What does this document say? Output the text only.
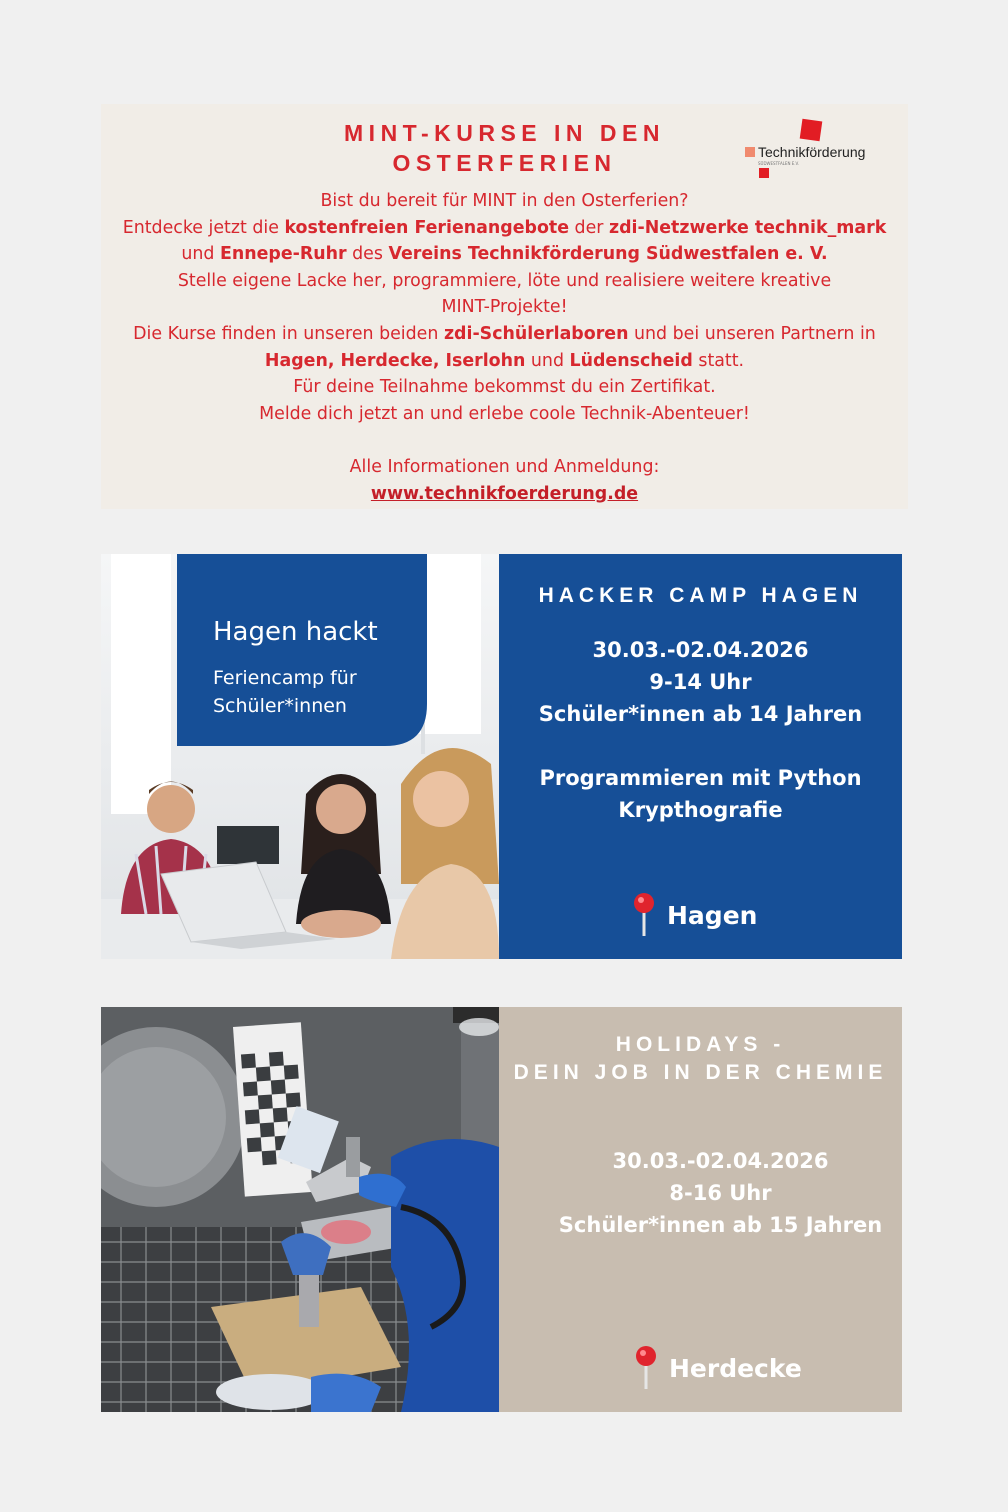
MINT-KURSE IN DEN
OSTERFERIEN	Technikförderung
SÜDWESTFALEN E.V.

Bist du bereit für MINT in den Osterferien?

Entdecke jetzt die kostenfreien Ferienangebote der zdi-Netzwerke technik_mark

und Ennepe-Ruhr des Vereins Technikförderung Südwestfalen e. V.

Stelle eigene Lacke her, programmiere, löte und realisiere weitere kreative

MINT-Projekte!

Die Kurse finden in unseren beiden zdi-Schülerlaboren und bei unseren Partnern in

Hagen, Herdecke, Iserlohn und Lüdenscheid statt.

Für deine Teilnahme bekommst du ein Zertifikat.

Melde dich jetzt an und erlebe coole Technik-Abenteuer!

Alle Informationen und Anmeldung:

www.technikfoerderung.de

Hagen hackt
Feriencamp für
Schüler*innen
HACKER CAMP HAGEN
30.03.-02.04.2026
9-14 Uhr
Schüler*innen ab 14 Jahren
Programmieren mit Python
Krypthografie
Hagen
HOLIDAYS -
DEIN JOB IN DER CHEMIE
30.03.-02.04.2026
8-16 Uhr
Schüler*innen ab 15 Jahren
Herdecke
